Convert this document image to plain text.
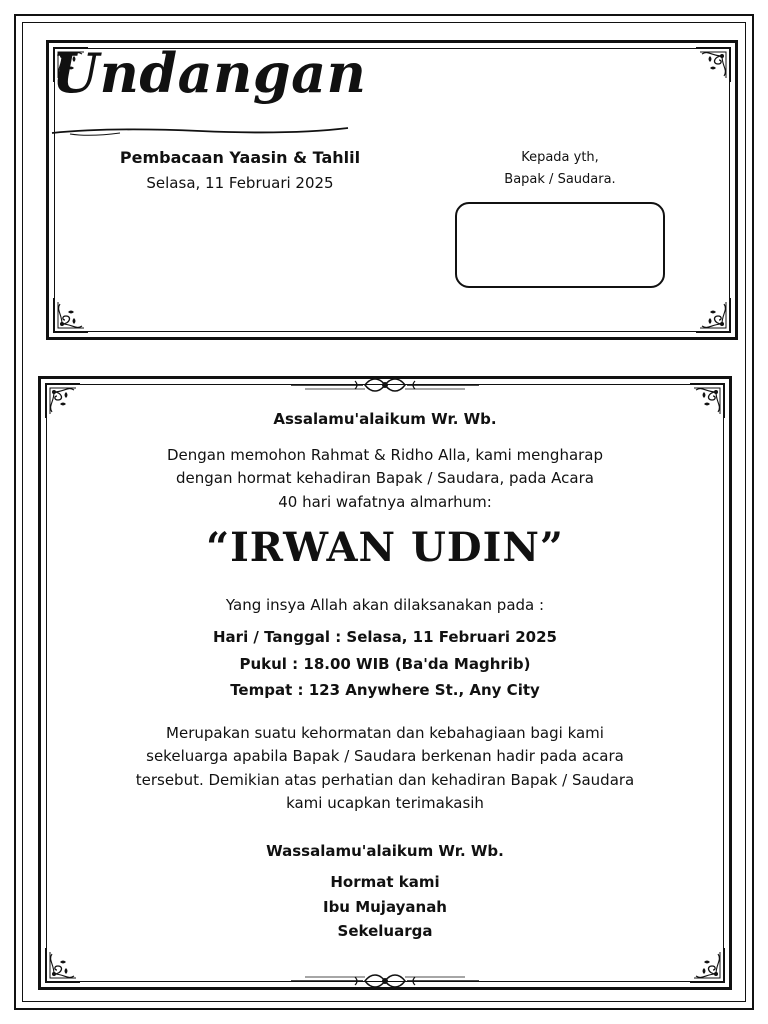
Undangan
Pembacaan Yaasin & Tahlil
Selasa, 11 Februari 2025
Kepada yth,
Bapak / Saudara.
Assalamu'alaikum Wr. Wb.
Dengan memohon Rahmat & Ridho Alla, kami mengharap
dengan hormat kehadiran Bapak / Saudara, pada Acara
40 hari wafatnya almarhum:
“IRWAN UDIN”
Yang insya Allah akan dilaksanakan pada :
Hari / Tanggal : Selasa, 11 Februari 2025
Pukul : 18.00 WIB (Ba'da Maghrib)
Tempat : 123 Anywhere St., Any City
Merupakan suatu kehormatan dan kebahagiaan bagi kami
sekeluarga apabila Bapak / Saudara berkenan hadir pada acara
tersebut. Demikian atas perhatian dan kehadiran Bapak / Saudara
kami ucapkan terimakasih
Wassalamu'alaikum Wr. Wb.
Hormat kami
Ibu Mujayanah
Sekeluarga
